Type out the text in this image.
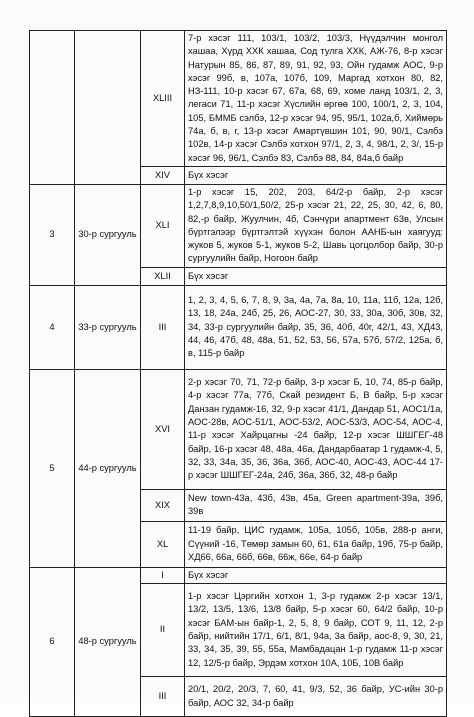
		XLIII	7-р хэсэг 111, 103/1, 103/2, 103/3, Нүүдэлчин монгол хашаа, Хүрд ХХК хашаа, Сод тулга ХХК, АЖ-76, 8-р хэсэг Натурын 85, 86, 87, 89, 91, 92, 93, Ойн гудамж АОС, 9-р хэсэг 99б, в, 107а, 107б, 109, Маргад хотхон 80, 82, НЗ-111, 10-р хэсэг 67, 67а, 68, 69, хоме ланд 103/1, 2, 3, легаси 71, 11-р хэсэг Хүслийн өргөө 100, 100/1, 2, 3, 104, 105, БММБ сэлбэ, 12-р хэсэг 94, 95, 95/1, 102а,б, Хиймөрь 74а, б, в, г, 13-р хэсэг Амартүвшин 101, 90, 90/1, Сэлбэ 102в, 14-р хэсэг Сэлбэ хотхон 97/1, 2, 3, 4, 98/1, 2, 3/, 15-р хэсэг 96, 96/1, Сэлбэ 83, Сэлбэ 88, 84, 84а,б байр
		XIV	Бүх хэсэг
3	30-р сургууль	XLI	1-р хэсэг 15, 202, 203, 64/2-р байр, 2-р хэсэг 1,2,7,8,9,10,50/1,50/2, 25-р хэсэг 21, 22, 25, 30, 42, 6, 80, 82,-р байр, Жуулчин, 4б, Сэнчүри апартмент 63в, Улсын бүртгэлээр бүртгэлтэй хүүхэн болон ААНБ-ын хаягууд: жуков 5, жуков 5-1, жуков 5-2, Шавь цогцолбор байр, 30-р сургуулийн байр, Ногоон байр
		XLII	Бүх хэсэг
4	33-р сургууль	III	1, 2, 3, 4, 5, 6, 7, 8, 9, 3а, 4а, 7а, 8а, 10, 11а, 11б, 12а, 12б, 13, 18, 24а, 24б, 25, 26, АОС-27, 30, 33, 30а, 30б, 30в, 32, 34, 33-р сургуулийн байр, 35, 36, 40б, 40г, 42/1, 43, ХД43, 44, 46, 47б, 48, 48а, 51, 52, 53, 56, 57а, 57б, 57/2, 125а, б, в, 115-р байр
5	44-р сургууль	XVI	2-р хэсэг 70, 71, 72-р байр, 3-р хэсэг Б, 10, 74, 85-р байр, 4-р хэсэг 77а, 77б, Скай резидент Б, В байр, 5-р хэсэг Данзан гудамж-16, 32, 9-р хэсэг 41/1, Дандар 51, АОС1/1а, АОС-28в, АОС-51/1, АОС-53/2, АОС-53/3, АОС-54, АОС-4, 11-р хэсэг Хайрцагны -24 байр, 12-р хэсэг ШШГЕГ-48 байр, 16-р хэсэг 48, 48а, 46а, Дандарбаатар 1 гудамж-4, 5, 32, 33, 34а, 35, 36, 36а, 36б, АОС-40, АОС-43, АОС-44 17-р хэсэг ШШГЕГ-24а, 24б, 36а, 36б, 32, 48-р байр
		XIX	New town-43а, 43б, 43в, 45а, Green apartment-39а, 39б, 39в
		XL	11-19 байр, ЦИС гудамж, 105а, 105б, 105в, 288-р анги, Сүүний -16, Төмөр замын 60, 61, 61а байр, 19б, 75-р байр, ХД66, 66а, 66б, 66в, 66ж, 66е, 64-р байр
6	48-р сургууль	I	Бүх хэсэг
		II	1-р хэсэг Цэргийн хотхон 1, 3-р гудамж 2-р хэсэг 13/1, 13/2, 13/5, 13/6, 13/8 байр, 5-р хэсэг 60, 64/2 байр, 10-р хэсэг БАМ-ын байр-1, 2, 5, 8, 9 байр, СОТ 9, 11, 12, 2-р байр, нийтийн 17/1, 6/1, 8/1, 94а, 3а байр, аос-8, 9, 30, 21, 33, 34, 35, 39, 55, 55а, Мамбадацан 1-р гудамж 11-р хэсэг 12, 12/5-р байр, Эрдэм хотхон 10А, 10Б, 10В байр
		III	20/1, 20/2, 20/3, 7, 60, 41, 9/3, 52, 36 байр, УС-ийн 30-р байр, АОС 32, 34-р байр
